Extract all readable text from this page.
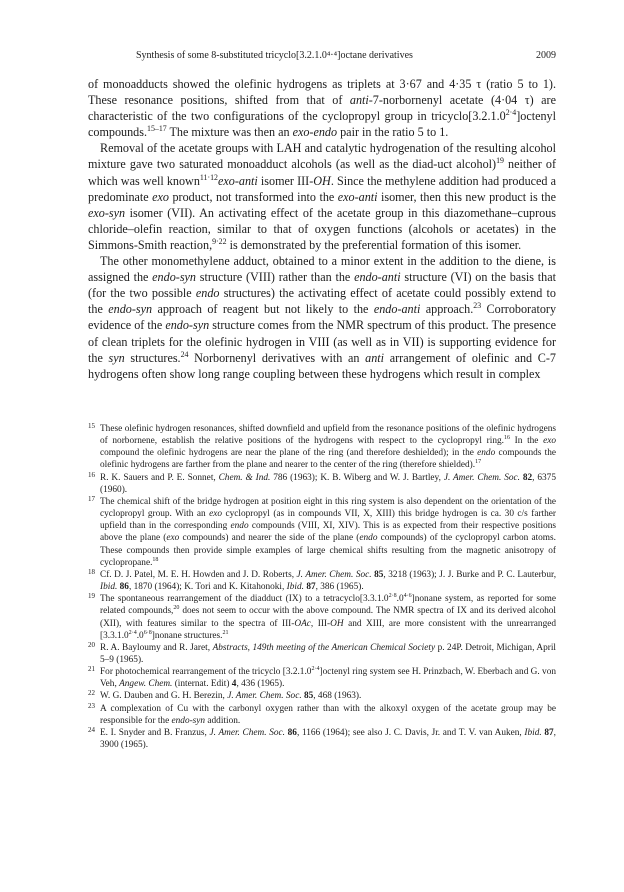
Synthesis of some 8-substituted tricyclo[3.2.1.0⁴·⁴]octane derivatives	2009

of monoadducts showed the olefinic hydrogens as triplets at 3·67 and 4·35 τ (ratio 5 to 1). These resonance positions, shifted from that of anti-7-norbornenyl acetate (4·04 τ) are characteristic of the two configurations of the cyclopropyl group in $tricyclo[3.2.1.0^{2\cdot 4}]octenyl$ compounds.$^{15-17}$ The mixture was then an exo-endo pair in the ratio 5 to 1.

Removal of the acetate groups with LAH and catalytic hydrogenation of the resulting alcohol mixture gave two saturated monoadduct alcohols (as well as the diad-uct alcohol)$^{19}$ neither of which was well known$^{11\cdot 12}$exo-anti isomer III-OH. Since the methylene addition had produced a predominate exo product, not transformed into the exo-anti isomer, then this new product is the exo-syn isomer (VII). An activating effect of the acetate group in this diazomethane–cuprous chloride–olefin reaction, similar to that of oxygen functions (alcohols or acetates) in the Simmons-Smith reaction,$^{9\cdot 22}$ is demonstrated by the preferential formation of this isomer.

The other monomethylene adduct, obtained to a minor extent in the addition to the diene, is assigned the endo-syn structure (VIII) rather than the endo-anti structure (VI) on the basis that (for the two possible endo structures) the activating effect of acetate could possibly extend to the endo-syn approach of reagent but not likely to the endo-anti approach.$^{23}$ Corroboratory evidence of the endo-syn structure comes from the NMR spectrum of this product. The presence of clean triplets for the olefinic hydrogen in VIII (as well as in VII) is supporting evidence for the syn structures.$^{24}$ Norbornenyl derivatives with an anti arrangement of olefinic and C-7 hydrogens often show long range coupling between these hydrogens which result in complex

15 These olefinic hydrogen resonances, shifted downfield and upfield from the resonance positions of the olefinic hydrogens of norbornene, establish the relative positions of the hydrogens with respect to the cyclopropyl ring.$^{16}$ In the exo compound the olefinic hydrogens are near the plane of the ring (and therefore deshielded); in the endo compounds the olefinic hydrogens are farther from the plane and nearer to the center of the ring (therefore shielded).$^{17}$
16 R. K. Sauers and P. E. Sonnet, Chem. & Ind. 786 (1963); K. B. Wiberg and W. J. Bartley, J. Amer. Chem. Soc. 82, 6375 (1960).
17 The chemical shift of the bridge hydrogen at position eight in this ring system is also dependent on the orientation of the cyclopropyl group. With an exo cyclopropyl (as in compounds VII, X, XIII) this bridge hydrogen is ca. 30 c/s farther upfield than in the corresponding endo compounds (VIII, XI, XIV). This is as expected from their respective positions above the plane (exo compounds) and nearer the side of the plane (endo compounds) of the cyclopropyl carbon atoms. These compounds then provide simple examples of large chemical shifts resulting from the magnetic anisotropy of cyclopropane.$^{18}$
18 Cf. D. J. Patel, M. E. H. Howden and J. D. Roberts, J. Amer. Chem. Soc. 85, 3218 (1963); J. J. Burke and P. C. Lauterbur, Ibid. 86, 1870 (1964); K. Tori and K. Kitahonoki, Ibid. 87, 386 (1965).
19 The spontaneous rearrangement of the diadduct (IX) to a $tetracyclo[3.3.1.0^{2\cdot 8}.0^{4\cdot 6}]nonane$ system, as reported for some related compounds,$^{20}$ does not seem to occur with the above compound. The NMR spectra of IX and its derived alcohol (XII), with features similar to the spectra of III-OAc, III-OH and XIII, are more consistent with the unrearranged $[3.3.1.0^{2\cdot 4}.0^{6\cdot 8}]nonane$ structures.$^{21}$
20 R. A. Bayloumy and R. Jaret, Abstracts, 149th meeting of the American Chemical Society p. 24P. Detroit, Michigan, April 5–9 (1965).
21 For photochemical rearrangement of the tricyclo $[3.2.1.0^{2\cdot 4}]octenyl$ ring system see H. Prinzbach, W. Eberbach and G. von Veh, Angew. Chem. (internat. Edit) 4, 436 (1965).
22 W. G. Dauben and G. H. Berezin, J. Amer. Chem. Soc. 85, 468 (1963).
23 A complexation of Cu with the carbonyl oxygen rather than with the alkoxyl oxygen of the acetate group may be responsible for the endo-syn addition.
24 E. I. Snyder and B. Franzus, J. Amer. Chem. Soc. 86, 1166 (1964); see also J. C. Davis, Jr. and T. V. van Auken, Ibid. 87, 3900 (1965).
